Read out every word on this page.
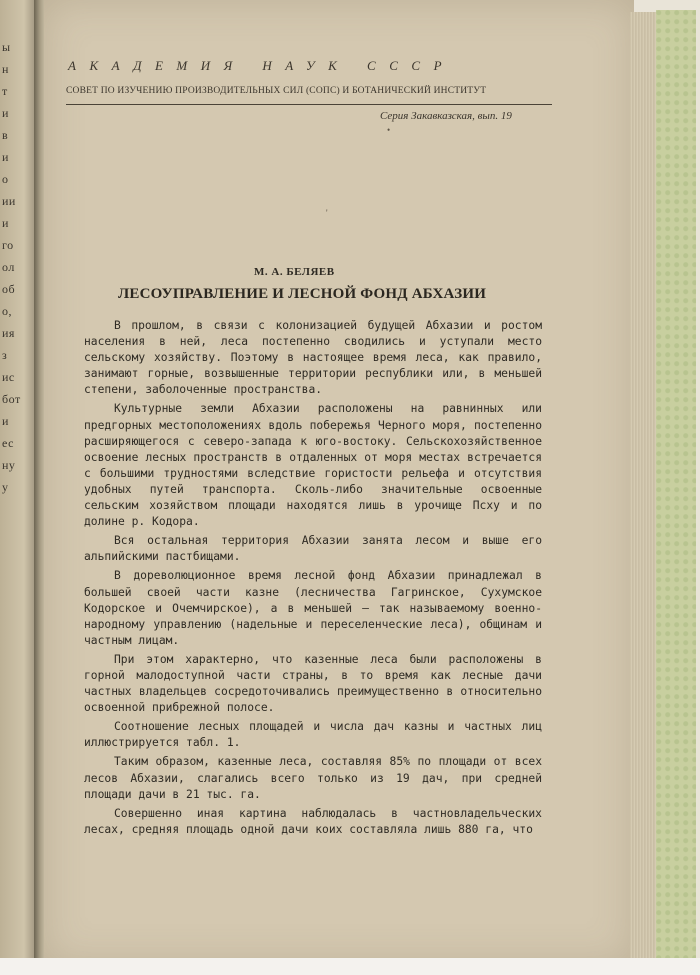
ы
н
т
и
в
и
о
ии
и
го
ол
об
о,
ия
з
ис
бот
и
ес
ну
у
АКАДЕМИЯ НАУК СССР
СОВЕТ ПО ИЗУЧЕНИЮ ПРОИЗВОДИТЕЛЬНЫХ СИЛ (СОПС) И БОТАНИЧЕСКИЙ ИНСТИТУТ
Серия Закавказская, вып. 19
•
'
М. А. БЕЛЯЕВ
ЛЕСОУПРАВЛЕНИЕ И ЛЕСНОЙ ФОНД АБХАЗИИ

В прошлом, в связи с колонизацией будущей Абхазии и ростом населения в ней, леса постепенно сводились и уступали место сельскому хозяйству. Поэтому в настоящее время леса, как правило, занимают горные, возвышенные территории республики или, в меньшей степени, заболоченные пространства.

Культурные земли Абхазии расположены на равнинных или предгорных местоположениях вдоль побережья Черного моря, постепенно расширяющегося с северо-запада к юго-востоку. Сельскохозяйственное освоение лесных пространств в отдаленных от моря местах встречается с большими трудностями вследствие гористости рельефа и отсутствия удобных путей транспорта. Сколь-либо значительные освоенные сельским хозяйством площади находятся лишь в урочище Псху и по долине р. Кодора.

Вся остальная территория Абхазии занята лесом и выше его альпийскими пастбищами.

В дореволюционное время лесной фонд Абхазии принадлежал в большей своей части казне (лесничества Гагринское, Сухумское Кодорское и Очемчирское), а в меньшей — так называемому военно-народному управлению (надельные и переселенческие леса), общинам и частным лицам.

При этом характерно, что казенные леса были расположены в горной малодоступной части страны, в то время как лесные дачи частных владельцев сосредоточивались преимущественно в относительно освоенной прибрежной полосе.

Соотношение лесных площадей и числа дач казны и частных лиц иллюстрируется табл. 1.

Таким образом, казенные леса, составляя 85% по площади от всех лесов Абхазии, слагались всего только из 19 дач, при средней площади дачи в 21 тыс. га.

Совершенно иная картина наблюдалась в частновладельческих лесах, средняя площадь одной дачи коих составляла лишь 880 га, что
